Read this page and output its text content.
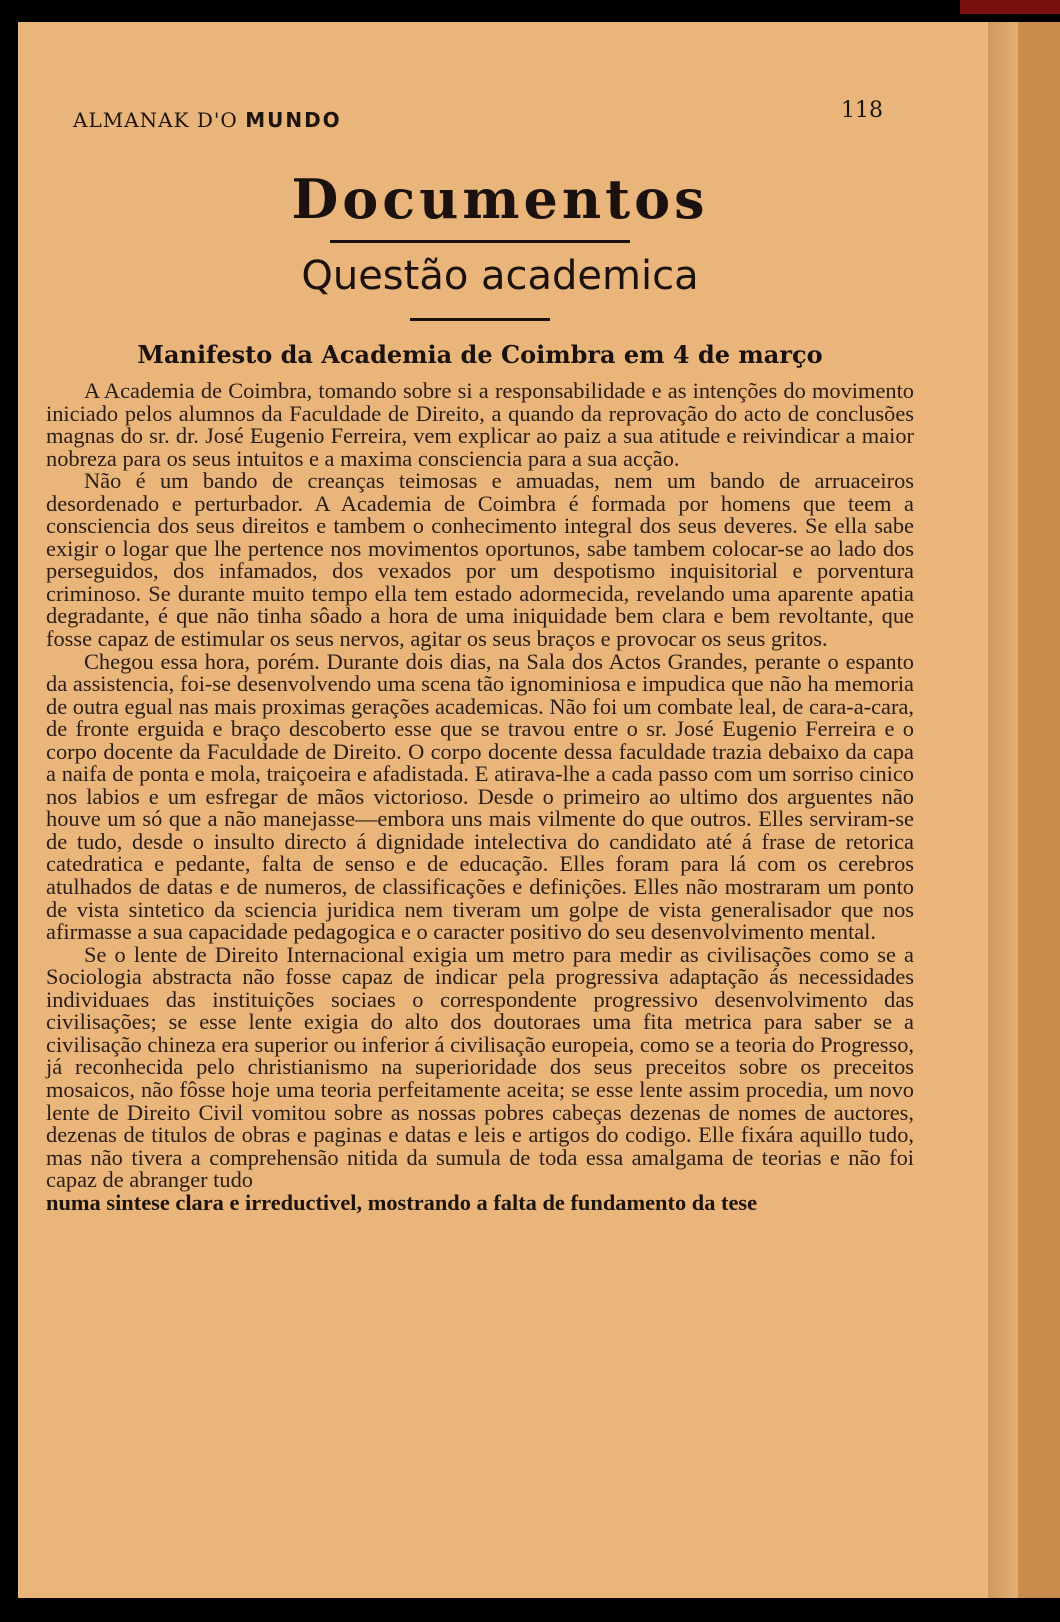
ALMANAK D'O MUNDO	118
Documentos
Questão academica
Manifesto da Academia de Coimbra em 4 de março

A Academia de Coimbra, tomando sobre si a responsabilidade e as intenções do movimento iniciado pelos alumnos da Faculdade de Direito, a quando da reprovação do acto de conclusões magnas do sr. dr. José Eugenio Ferreira, vem explicar ao paiz a sua atitude e reivindicar a maior nobreza para os seus intuitos e a maxima consciencia para a sua acção.

Não é um bando de creanças teimosas e amuadas, nem um bando de arruaceiros desordenado e perturbador. A Academia de Coimbra é formada por homens que teem a consciencia dos seus direitos e tambem o conhecimento integral dos seus deveres. Se ella sabe exigir o logar que lhe pertence nos movimentos oportunos, sabe tambem colocar-se ao lado dos perseguidos, dos infamados, dos vexados por um despotismo inquisitorial e porventura criminoso. Se durante muito tempo ella tem estado adormecida, revelando uma aparente apatia degradante, é que não tinha sôado a hora de uma iniquidade bem clara e bem revoltante, que fosse capaz de estimular os seus nervos, agitar os seus braços e provocar os seus gritos.

Chegou essa hora, porém. Durante dois dias, na Sala dos Actos Grandes, perante o espanto da assistencia, foi-se desenvolvendo uma scena tão ignominiosa e impudica que não ha memoria de outra egual nas mais proximas gerações academicas. Não foi um combate leal, de cara-a-cara, de fronte erguida e braço descoberto esse que se travou entre o sr. José Eugenio Ferreira e o corpo docente da Faculdade de Direito. O corpo docente dessa faculdade trazia debaixo da capa a naifa de ponta e mola, traiçoeira e afadistada. E atirava-lhe a cada passo com um sorriso cinico nos labios e um esfregar de mãos victorioso. Desde o primeiro ao ultimo dos arguentes não houve um só que a não manejasse—embora uns mais vilmente do que outros. Elles serviram-se de tudo, desde o insulto directo á dignidade intelectiva do candidato até á frase de retorica catedratica e pedante, falta de senso e de educação. Elles foram para lá com os cerebros atulhados de datas e de numeros, de classificações e definições. Elles não mostraram um ponto de vista sintetico da sciencia juridica nem tiveram um golpe de vista generalisador que nos afirmasse a sua capacidade pedagogica e o caracter positivo do seu desenvolvimento mental.

Se o lente de Direito Internacional exigia um metro para medir as civilisações como se a Sociologia abstracta não fosse capaz de indicar pela progressiva adaptação ás necessidades individuaes das instituições sociaes o correspondente progressivo desenvolvimento das civilisações; se esse lente exigia do alto dos doutoraes uma fita metrica para saber se a civilisação chineza era superior ou inferior á civilisação europeia, como se a teoria do Progresso, já reconhecida pelo christianismo na superioridade dos seus preceitos sobre os preceitos mosaicos, não fôsse hoje uma teoria perfeitamente aceita; se esse lente assim procedia, um novo lente de Direito Civil vomitou sobre as nossas pobres cabeças dezenas de nomes de auctores, dezenas de titulos de obras e paginas e datas e leis e artigos do codigo. Elle fixára aquillo tudo, mas não tivera a comprehensão nitida da sumula de toda essa amalgama de teorias e não foi capaz de abranger tudo

numa sintese clara e irreductivel, mostrando a falta de fundamento da tese
